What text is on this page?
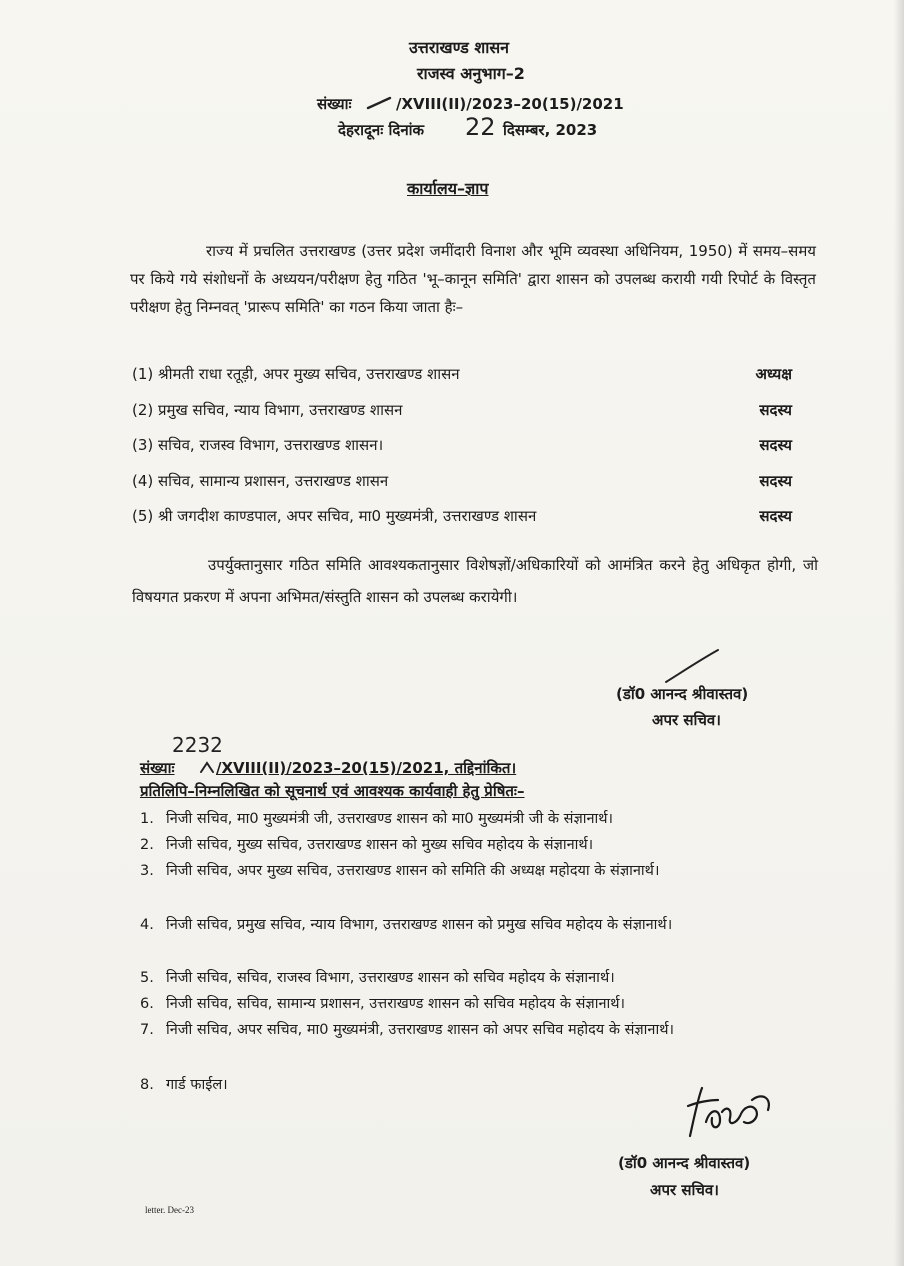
उत्तराखण्ड शासन
राजस्व अनुभाग–2
संख्याः	/XVIII(II)/2023–20(15)/2021
देहरादूनः दिनांक 22 दिसम्बर, 2023
कार्यालय–ज्ञाप
राज्य में प्रचलित उत्तराखण्ड (उत्तर प्रदेश जमींदारी विनाश और भूमि व्यवस्था अधिनियम, 1950) में समय–समय पर किये गये संशोधनों के अध्ययन/परीक्षण हेतु गठित 'भू–कानून समिति' द्वारा शासन को उपलब्ध करायी गयी रिपोर्ट के विस्तृत परीक्षण हेतु निम्नवत् 'प्रारूप समिति' का गठन किया जाता हैः–
(1) श्रीमती राधा रतूड़ी, अपर मुख्य सचिव, उत्तराखण्ड शासन	अध्यक्ष
(2) प्रमुख सचिव, न्याय विभाग, उत्तराखण्ड शासन	सदस्य
(3) सचिव, राजस्व विभाग, उत्तराखण्ड शासन।	सदस्य
(4) सचिव, सामान्य प्रशासन, उत्तराखण्ड शासन	सदस्य
(5) श्री जगदीश काण्डपाल, अपर सचिव, मा0 मुख्यमंत्री, उत्तराखण्ड शासन	सदस्य
उपर्युक्तानुसार गठित समिति आवश्यकतानुसार विशेषज्ञों/अधिकारियों को आमंत्रित करने हेतु अधिकृत होगी, जो विषयगत प्रकरण में अपना अभिमत/संस्तुति शासन को उपलब्ध करायेगी।
(डॉ0 आनन्द श्रीवास्तव)
अपर सचिव।
2232
संख्याः	/XVIII(II)/2023–20(15)/2021, तद्दिनांकित।
प्रतिलिपि–निम्नलिखित को सूचनार्थ एवं आवश्यक कार्यवाही हेतु प्रेषितः–
1. निजी सचिव, मा0 मुख्यमंत्री जी, उत्तराखण्ड शासन को मा0 मुख्यमंत्री जी के संज्ञानार्थ।
2. निजी सचिव, मुख्य सचिव, उत्तराखण्ड शासन को मुख्य सचिव महोदय के संज्ञानार्थ।
3. निजी सचिव, अपर मुख्य सचिव, उत्तराखण्ड शासन को समिति की अध्यक्ष महोदया के संज्ञानार्थ।
4. निजी सचिव, प्रमुख सचिव, न्याय विभाग, उत्तराखण्ड शासन को प्रमुख सचिव महोदय के संज्ञानार्थ।
5. निजी सचिव, सचिव, राजस्व विभाग, उत्तराखण्ड शासन को सचिव महोदय के संज्ञानार्थ।
6. निजी सचिव, सचिव, सामान्य प्रशासन, उत्तराखण्ड शासन को सचिव महोदय के संज्ञानार्थ।
7. निजी सचिव, अपर सचिव, मा0 मुख्यमंत्री, उत्तराखण्ड शासन को अपर सचिव महोदय के संज्ञानार्थ।
8. गार्ड फाईल।
(डॉ0 आनन्द श्रीवास्तव)
अपर सचिव।
letter. Dec-23
